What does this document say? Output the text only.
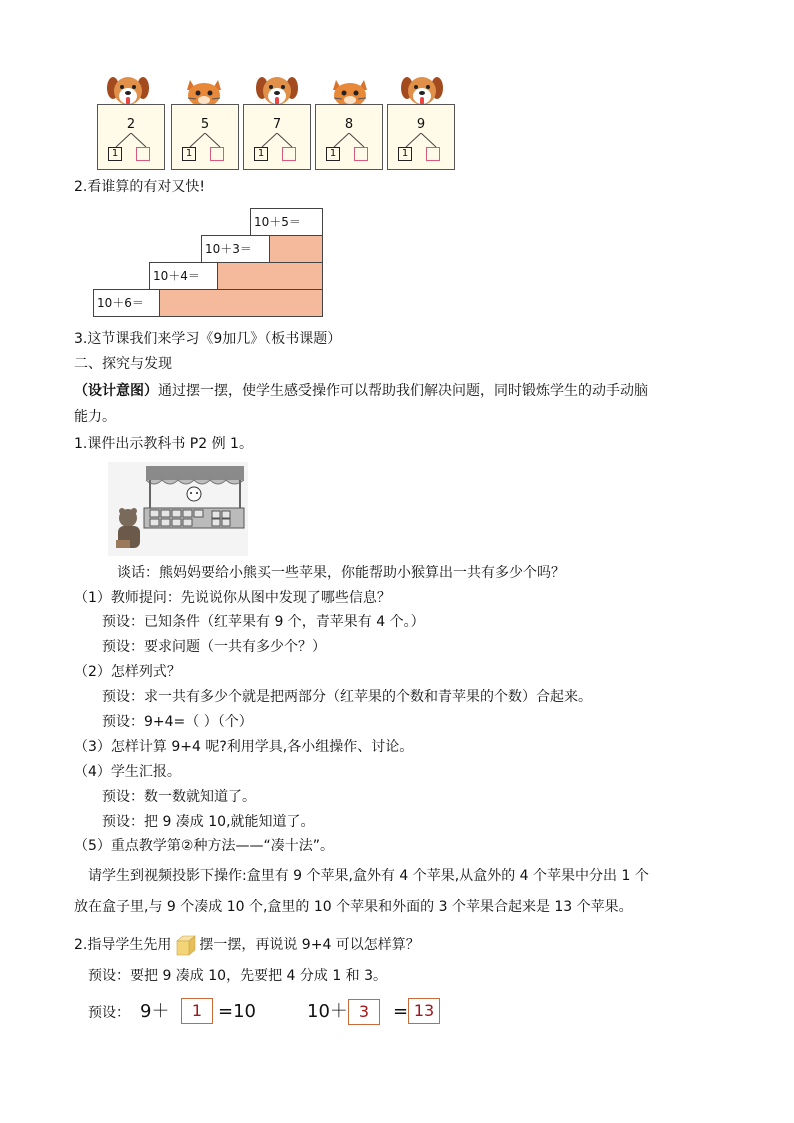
2
1
5
1
7
1
8
1
9
1
2.看谁算的有对又快!
10＋5＝
10＋3＝
10＋4＝
10＋6＝
3.这节课我们来学习《9加几》（板书课题）
二、探究与发现
（设计意图）通过摆一摆，使学生感受操作可以帮助我们解决问题，同时锻炼学生的动手动脑
能力。
1.课件出示教科书 P2 例 1。
谈话：熊妈妈要给小熊买一些苹果，你能帮助小猴算出一共有多少个吗？
（1）教师提问：先说说你从图中发现了哪些信息？
预设：已知条件（红苹果有 9 个，青苹果有 4 个。）
预设：要求问题（一共有多少个？）
（2）怎样列式？
预设：求一共有多少个就是把两部分（红苹果的个数和青苹果的个数）合起来。
预设：9+4=（ ）（个）
（3）怎样计算 9+4 呢?利用学具,各小组操作、讨论。
（4）学生汇报。
预设：数一数就知道了。
预设：把 9 凑成 10,就能知道了。
（5）重点教学第②种方法——“凑十法”。
请学生到视频投影下操作:盒里有 9 个苹果,盒外有 4 个苹果,从盒外的 4 个苹果中分出 1 个
放在盒子里,与 9 个凑成 10 个,盒里的 10 个苹果和外面的 3 个苹果合起来是 13 个苹果。
2.指导学生先用 摆一摆，再说说 9+4 可以怎样算？
预设：要把 9 凑成 10，先要把 4 分成 1 和 3。
预设： 9＋	1 =10	10＋ 3	= 13
